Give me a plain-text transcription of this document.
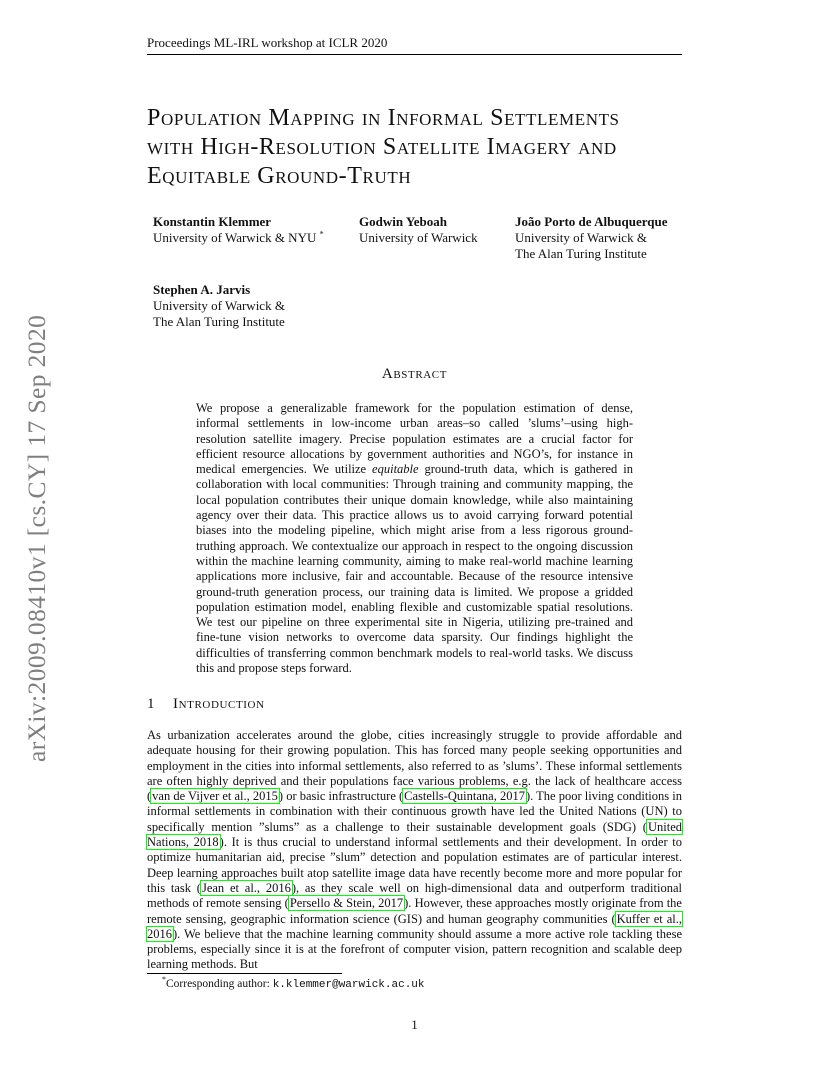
Proceedings ML-IRL workshop at ICLR 2020
arXiv:2009.08410v1 [cs.CY] 17 Sep 2020
Population Mapping in Informal Settlements
with High-Resolution Satellite Imagery and
Equitable Ground-Truth
Konstantin Klemmer
University of Warwick & NYU *
Godwin Yeboah
University of Warwick
João Porto de Albuquerque
University of Warwick &
The Alan Turing Institute
Stephen A. Jarvis
University of Warwick &
The Alan Turing Institute
Abstract
We propose a generalizable framework for the population estimation of dense, informal settlements in low-income urban areas–so called ’slums’–using high-resolution satellite imagery. Precise population estimates are a crucial factor for efficient resource allocations by government authorities and NGO’s, for instance in medical emergencies. We utilize equitable ground-truth data, which is gathered in collaboration with local communities: Through training and community mapping, the local population contributes their unique domain knowledge, while also maintaining agency over their data. This practice allows us to avoid carrying forward potential biases into the modeling pipeline, which might arise from a less rigorous ground-truthing approach. We contextualize our approach in respect to the ongoing discussion within the machine learning community, aiming to make real-world machine learning applications more inclusive, fair and accountable. Because of the resource intensive ground-truth generation process, our training data is limited. We propose a gridded population estimation model, enabling flexible and customizable spatial resolutions. We test our pipeline on three experimental site in Nigeria, utilizing pre-trained and fine-tune vision networks to overcome data sparsity. Our findings highlight the difficulties of transferring common benchmark models to real-world tasks. We discuss this and propose steps forward.
1 Introduction
As urbanization accelerates around the globe, cities increasingly struggle to provide affordable and adequate housing for their growing population. This has forced many people seeking opportunities and employment in the cities into informal settlements, also referred to as ’slums’. These informal settlements are often highly deprived and their populations face various problems, e.g. the lack of healthcare access (van de Vijver et al., 2015) or basic infrastructure (Castells-Quintana, 2017). The poor living conditions in informal settlements in combination with their continuous growth have led the United Nations (UN) to specifically mention ”slums” as a challenge to their sustainable development goals (SDG) (United Nations, 2018). It is thus crucial to understand informal settlements and their development. In order to optimize humanitarian aid, precise ”slum” detection and population estimates are of particular interest. Deep learning approaches built atop satellite image data have recently become more and more popular for this task (Jean et al., 2016), as they scale well on high-dimensional data and outperform traditional methods of remote sensing (Persello & Stein, 2017). However, these approaches mostly originate from the remote sensing, geographic information science (GIS) and human geography communities (Kuffer et al., 2016). We believe that the machine learning community should assume a more active role tackling these problems, especially since it is at the forefront of computer vision, pattern recognition and scalable deep learning methods. But
*Corresponding author: k.klemmer@warwick.ac.uk
1
